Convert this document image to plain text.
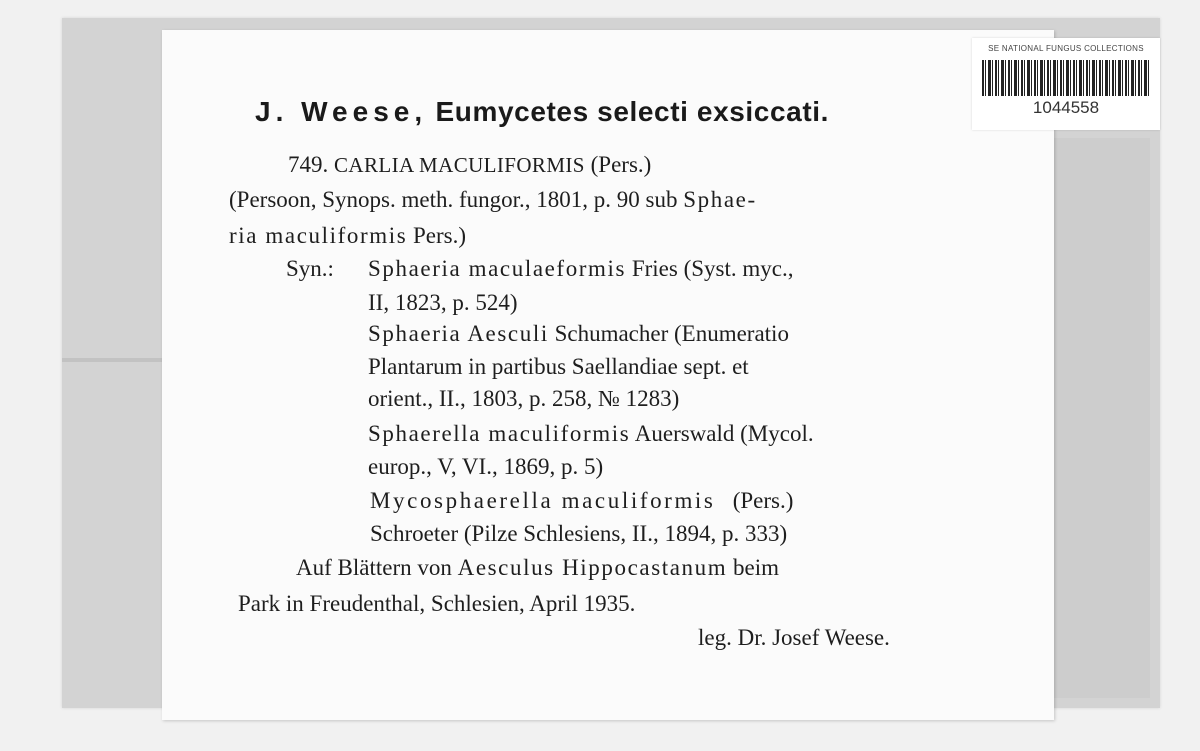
SE NATIONAL FUNGUS COLLECTIONS
1044558
J. Weese, Eumycetes selecti exsiccati.
749. CARLIA MACULIFORMIS (Pers.)
(Persoon, Synops. meth. fungor., 1801, p. 90 sub Sphae-
ria maculiformis Pers.)
Syn.: Sphaeria maculaeformis Fries (Syst. myc.,
II, 1823, p. 524)
Sphaeria Aesculi Schumacher (Enumeratio
Plantarum in partibus Saellandiae sept. et
orient., II., 1803, p. 258, № 1283)
Sphaerella maculiformis Auerswald (Mycol.
europ., V, VI., 1869, p. 5)
Mycosphaerella maculiformis (Pers.)
Schroeter (Pilze Schlesiens, II., 1894, p. 333)
Auf Blättern von Aesculus Hippocastanum beim
Park in Freudenthal, Schlesien, April 1935.
leg. Dr. Josef Weese.
